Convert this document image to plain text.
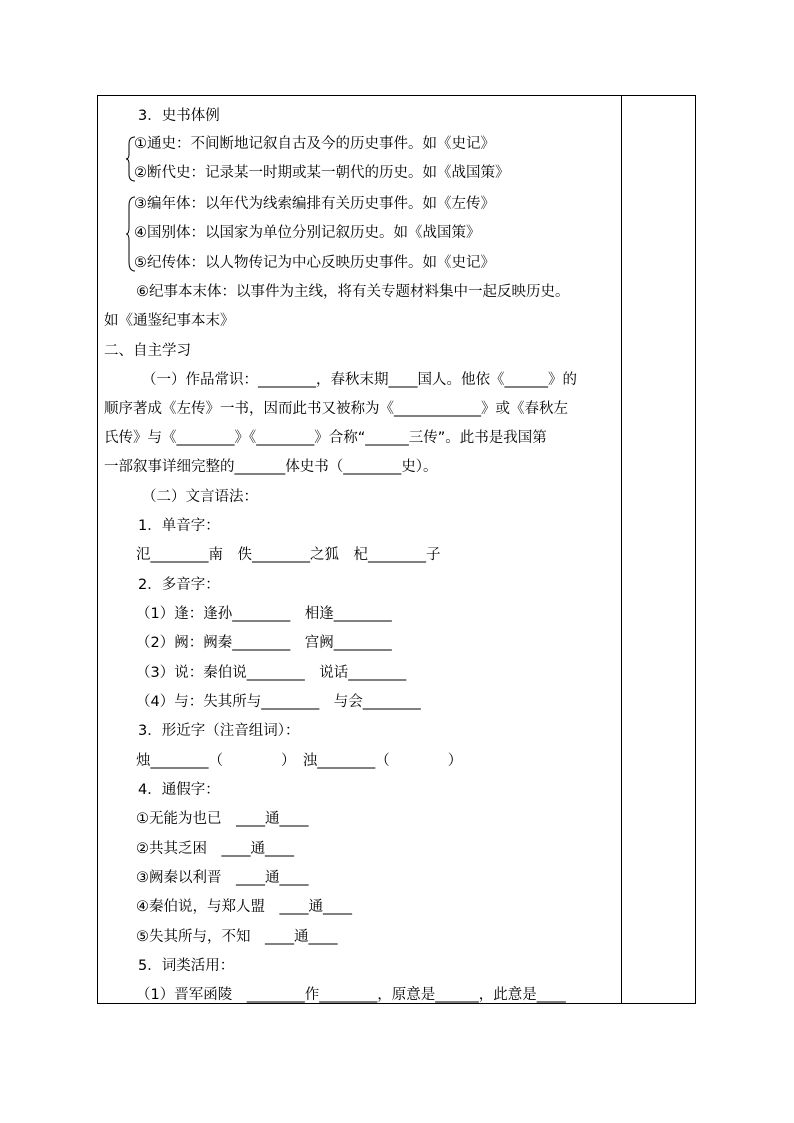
3．史书体例
①通史：不间断地记叙自古及今的历史事件。如《史记》
②断代史：记录某一时期或某一朝代的历史。如《战国策》
③编年体：以年代为线索编排有关历史事件。如《左传》
④国别体：以国家为单位分别记叙历史。如《战国策》
⑤纪传体：以人物传记为中心反映历史事件。如《史记》
⑥纪事本末体：以事件为主线，将有关专题材料集中一起反映历史。
如《通鉴纪事本末》
二、自主学习
（一）作品常识：________，春秋末期____国人。他依《______》的
顺序著成《左传》一书，因而此书又被称为《____________》或《春秋左
氏传》与《________》《________》合称“______三传”。此书是我国第
一部叙事详细完整的_______体史书（________史）。
（二）文言语法：
1．单音字：
氾________南　佚________之狐　杞________子
2．多音字：
（1）逢：逢孙________　相逢________
（2）阙：阙秦________　宫阙________
（3）说：秦伯说________　说话________
（4）与：失其所与________　与会________
3．形近字（注音组词）：
烛________（　　　　）　浊________（　　　　）
4．通假字：
①无能为也已　____通____
②共其乏困　____通____
③阙秦以利晋　____通____
④秦伯说，与郑人盟　____通____
⑤失其所与，不知　____通____
5．词类活用：
（1）晋军函陵　________作________，原意是______，此意是____
